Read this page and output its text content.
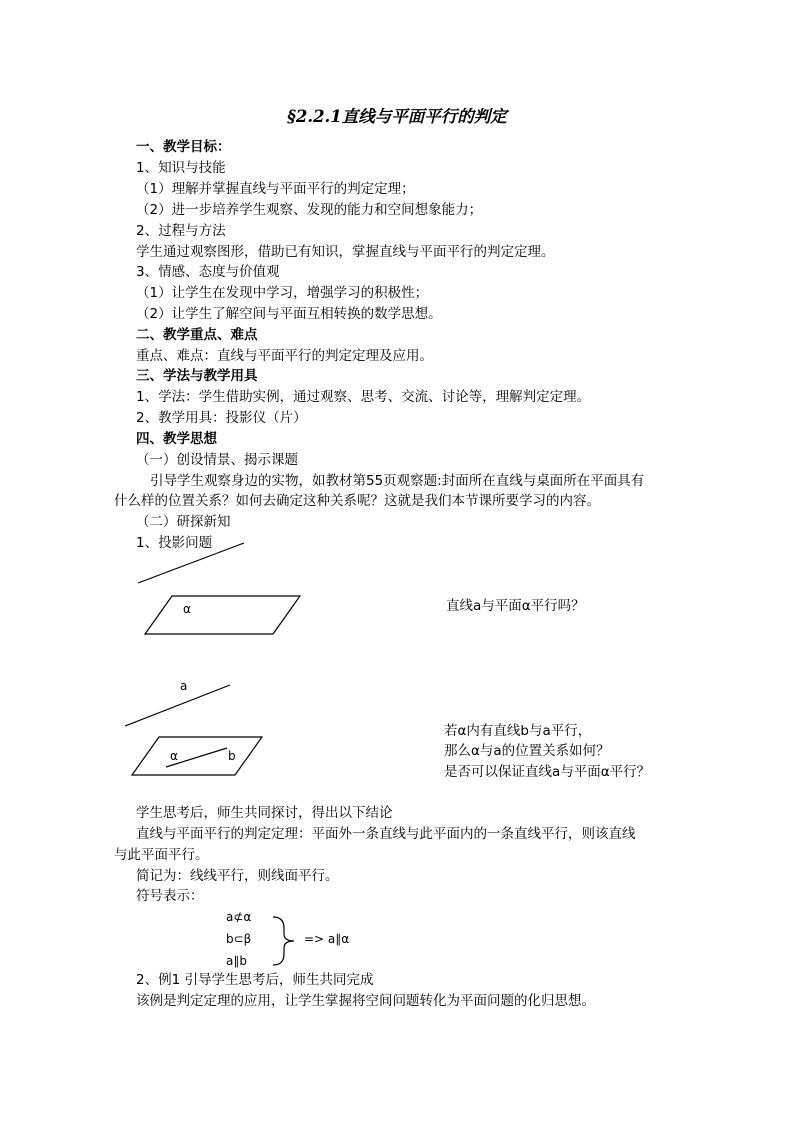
§2.2.1直线与平面平行的判定
一、教学目标：
1、知识与技能
（1）理解并掌握直线与平面平行的判定定理；
（2）进一步培养学生观察、发现的能力和空间想象能力；
2、过程与方法
学生通过观察图形，借助已有知识，掌握直线与平面平行的判定定理。
3、情感、态度与价值观
（1）让学生在发现中学习，增强学习的积极性；
（2）让学生了解空间与平面互相转换的数学思想。
二、教学重点、难点
重点、难点：直线与平面平行的判定定理及应用。
三、学法与教学用具
1、学法：学生借助实例，通过观察、思考、交流、讨论等，理解判定定理。
2、教学用具：投影仪（片）
四、教学思想
（一）创设情景、揭示课题
引导学生观察身边的实物，如教材第55页观察题:封面所在直线与桌面所在平面具有
什么样的位置关系？如何去确定这种关系呢？这就是我们本节课所要学习的内容。
（二）研探新知
1、投影问题
α	直线a与平面α平行吗？
a
α	b
若α内有直线b与a平行，
那么α与a的位置关系如何？
是否可以保证直线a与平面α平行？
学生思考后，师生共同探讨，得出以下结论
直线与平面平行的判定定理：平面外一条直线与此平面内的一条直线平行，则该直线
与此平面平行。
简记为：线线平行，则线面平行。
符号表示：
a⊄α
b⊂β
a∥b
=> a∥α
2、例1 引导学生思考后，师生共同完成
该例是判定定理的应用，让学生掌握将空间问题转化为平面问题的化归思想。
